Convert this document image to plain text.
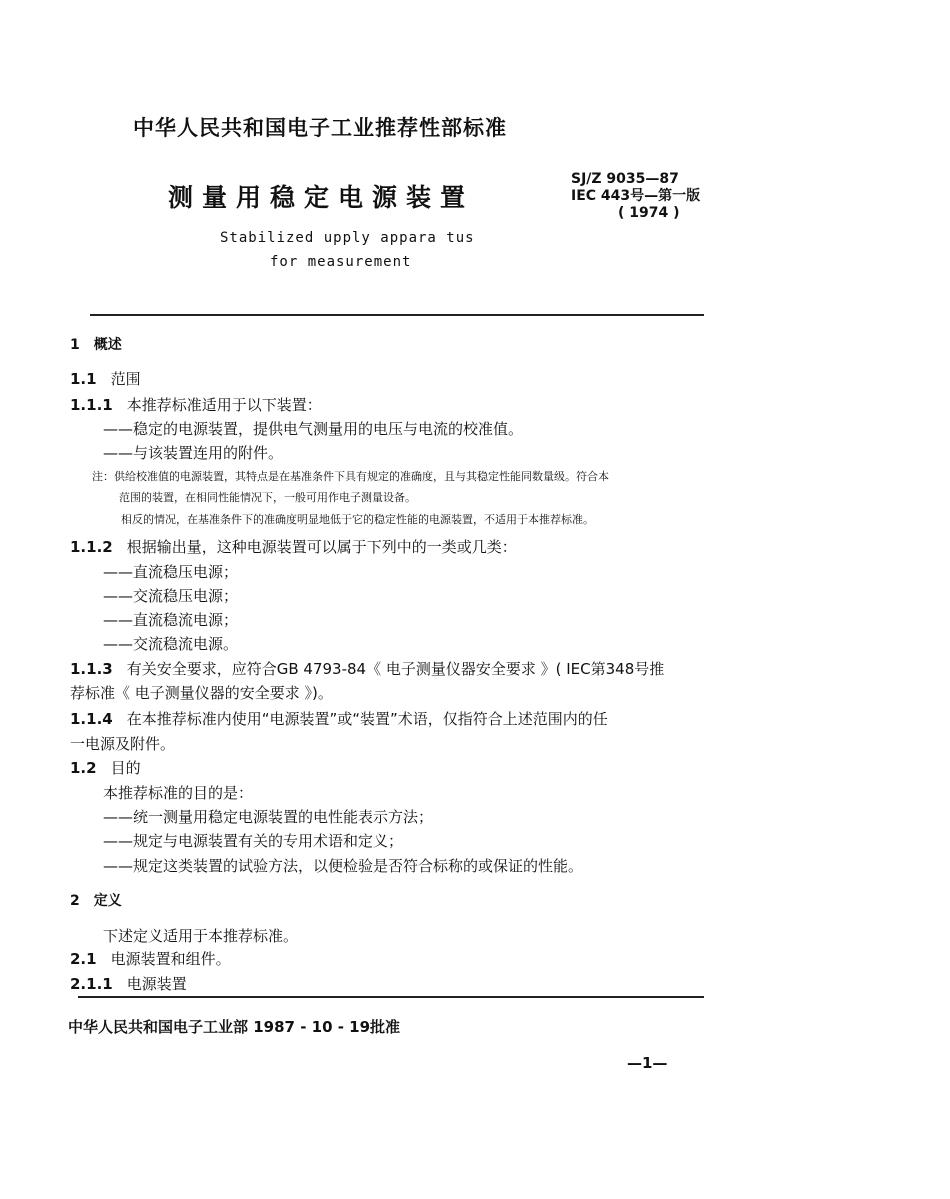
中华人民共和国电子工业推荐性部标准
测量用稳定电源装置
SJ/Z 9035—87
IEC 443号—第一版
( 1974 )
Stabilized upply appara tus
for measurement
1 概述
1.1 范围
1.1.1 本推荐标准适用于以下装置：
——稳定的电源装置，提供电气测量用的电压与电流的校准值。
——与该装置连用的附件。
注：供给校准值的电源装置，其特点是在基准条件下具有规定的准确度，且与其稳定性能同数量级。符合本
范围的装置，在相同性能情况下，一般可用作电子测量设备。
相反的情况，在基准条件下的准确度明显地低于它的稳定性能的电源装置，不适用于本推荐标准。
1.1.2 根据输出量，这种电源装置可以属于下列中的一类或几类：
——直流稳压电源；
——交流稳压电源；
——直流稳流电源；
——交流稳流电源。
1.1.3 有关安全要求，应符合GB 4793-84《 电子测量仪器安全要求 》( IEC第348号推
荐标准《 电子测量仪器的安全要求 》)。
1.1.4 在本推荐标准内使用“电源装置”或“装置”术语，仅指符合上述范围内的任
一电源及附件。
1.2 目的
本推荐标准的目的是：
——统一测量用稳定电源装置的电性能表示方法；
——规定与电源装置有关的专用术语和定义；
——规定这类装置的试验方法，以便检验是否符合标称的或保证的性能。
2 定义
下述定义适用于本推荐标准。
2.1 电源装置和组件。
2.1.1 电源装置
中华人民共和国电子工业部 1987 - 10 - 19批准
—1—
